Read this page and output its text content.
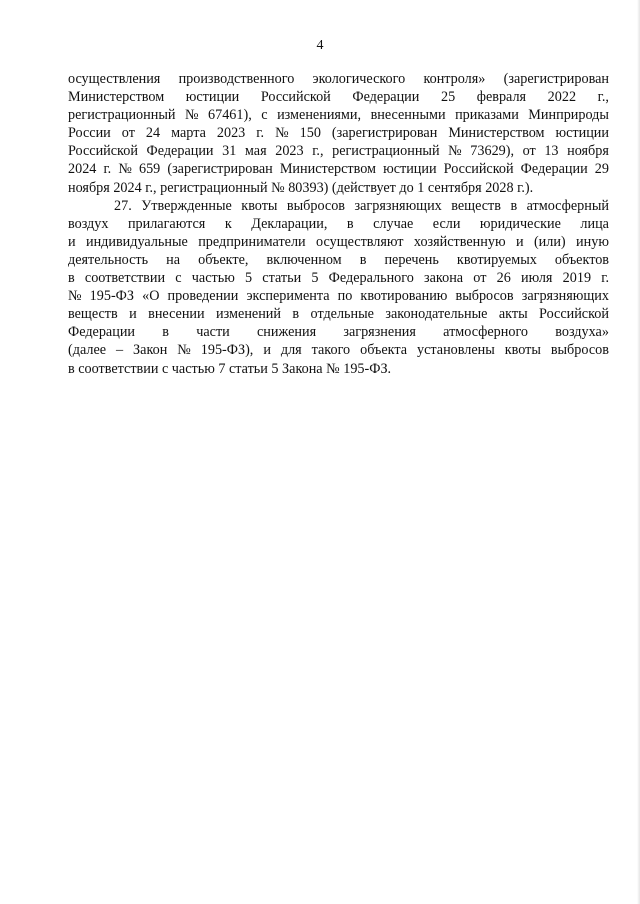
4
осуществления производственного экологического контроля» (зарегистрирован
Министерством юстиции Российской Федерации 25 февраля 2022 г.,
регистрационный № 67461), с изменениями, внесенными приказами Минприроды
России от 24 марта 2023 г. № 150 (зарегистрирован Министерством юстиции
Российской Федерации 31 мая 2023 г., регистрационный № 73629), от 13 ноября
2024 г. № 659 (зарегистрирован Министерством юстиции Российской Федерации 29
ноября 2024 г., регистрационный № 80393) (действует до 1 сентября 2028 г.).
27. Утвержденные квоты выбросов загрязняющих веществ в атмосферный
воздух прилагаются к Декларации, в случае если юридические лица
и индивидуальные предприниматели осуществляют хозяйственную и (или) иную
деятельность на объекте, включенном в перечень квотируемых объектов
в соответствии с частью 5 статьи 5 Федерального закона от 26 июля 2019 г.
№ 195-ФЗ «О проведении эксперимента по квотированию выбросов загрязняющих
веществ и внесении изменений в отдельные законодательные акты Российской
Федерации в части снижения загрязнения атмосферного воздуха»
(далее – Закон № 195-ФЗ), и для такого объекта установлены квоты выбросов
в соответствии с частью 7 статьи 5 Закона № 195-ФЗ.
